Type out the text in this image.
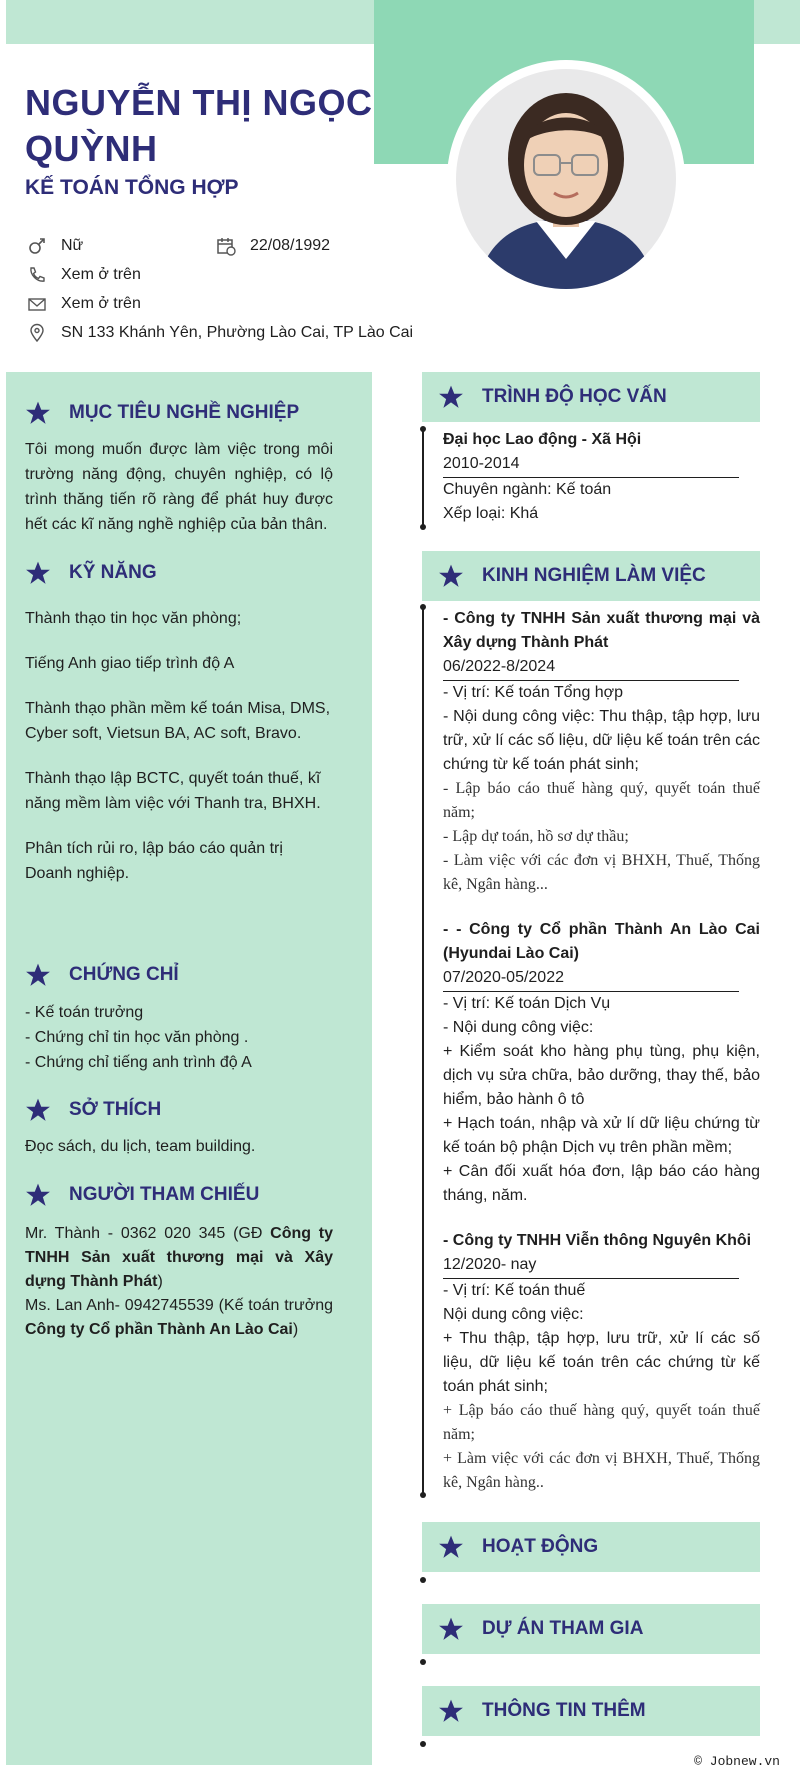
NGUYỄN THỊ NGỌC QUỲNH
KẾ TOÁN TỔNG HỢP
Nữ	22/08/1992
Xem ở trên
Xem ở trên
SN 133 Khánh Yên, Phường Lào Cai, TP Lào Cai
MỤC TIÊU NGHỀ NGHIỆP
Tôi mong muốn được làm việc trong môi trường năng động, chuyên nghiệp, có lộ trình thăng tiến rõ ràng để phát huy được hết các kĩ năng nghề nghiệp của bản thân.
KỸ NĂNG
Thành thạo tin học văn phòng;
Tiếng Anh giao tiếp trình độ A
Thành thạo phần mềm kế toán Misa, DMS, Cyber soft, Vietsun BA, AC soft, Bravo.
Thành thạo lập BCTC, quyết toán thuế, kĩ năng mềm làm việc với Thanh tra, BHXH.
Phân tích rủi ro, lập báo cáo quản trị Doanh nghiệp.
CHỨNG CHỈ
- Kế toán trưởng
- Chứng chỉ tin học văn phòng .
- Chứng chỉ tiếng anh trình độ A
SỞ THÍCH
Đọc sách, du lịch, team building.
NGƯỜI THAM CHIẾU
Mr. Thành - 0362 020 345 (GĐ Công ty TNHH Sản xuất thương mại và Xây dựng Thành Phát)
Ms. Lan Anh- 0942745539 (Kế toán trưởng Công ty Cổ phần Thành An Lào Cai)
TRÌNH ĐỘ HỌC VẤN
Đại học Lao động - Xã Hội
2010-2014
Chuyên ngành: Kế toán
Xếp loại: Khá
KINH NGHIỆM LÀM VIỆC
- Công ty TNHH Sản xuất thương mại và Xây dựng Thành Phát
06/2022-8/2024
- Vị trí: Kế toán Tổng hợp
- Nội dung công việc: Thu thập, tập hợp, lưu trữ, xử lí các số liệu, dữ liệu kế toán trên các chứng từ kế toán phát sinh;
- Lập báo cáo thuế hàng quý, quyết toán thuế năm;
- Lập dự toán, hồ sơ dự thầu;
- Làm việc với các đơn vị BHXH, Thuế, Thống kê, Ngân hàng...
- - Công ty Cổ phần Thành An Lào Cai (Hyundai Lào Cai)
07/2020-05/2022
- Vị trí: Kế toán Dịch Vụ
- Nội dung công việc:
+ Kiểm soát kho hàng phụ tùng, phụ kiện, dịch vụ sửa chữa, bảo dưỡng, thay thế, bảo hiểm, bảo hành ô tô
+ Hạch toán, nhập và xử lí dữ liệu chứng từ kế toán bộ phận Dịch vụ trên phần mềm;
+ Cân đối xuất hóa đơn, lập báo cáo hàng tháng, năm.
- Công ty TNHH Viễn thông Nguyên Khôi
12/2020- nay
- Vị trí: Kế toán thuế
Nội dung công việc:
+ Thu thập, tập hợp, lưu trữ, xử lí các số liệu, dữ liệu kế toán trên các chứng từ kế toán phát sinh;
+ Lập báo cáo thuế hàng quý, quyết toán thuế năm;
+ Làm việc với các đơn vị BHXH, Thuế, Thống kê, Ngân hàng..
HOẠT ĐỘNG
DỰ ÁN THAM GIA
THÔNG TIN THÊM
© Jobnew.vn
